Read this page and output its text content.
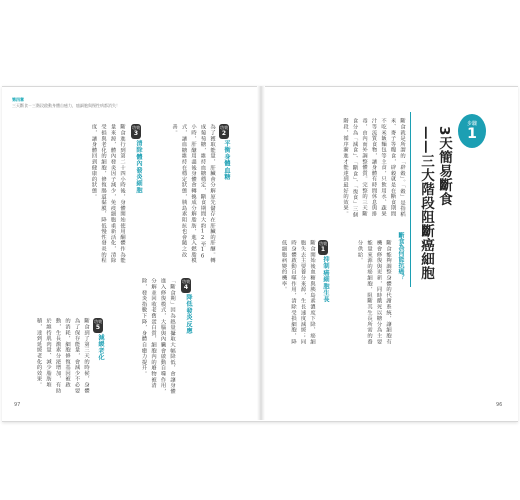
第四章
三天斷食－三階段啟動身體自癒力，癌細胞與慢性病都消失！
功效
2
平衡身體血糖
為了獲取能量，肝臟會分解原先儲存在肝臟的肝醣。轉成葡萄糖，維持血糖穩定，斷食期間大約12至16小時，肝醣用盡後身體會轉換成分解脂肪，進入燃脂模式，讓血糖維持在穩定狀態，胰島素阻抗也會隨之改善。
功效
3
清除體內發炎細胞
斷食進行到第二十四小時後，身體開始使用酮體作為能量來源，體內發炎因子減少，免疫細胞重新活化，清除受損與老化的細胞，修復腸道黏膜，降低慢性發炎的程度，讓身體回到健康的狀態。
功效
4
降低發炎反應
「斷食期」因為熱量攝取大幅降低，會讓身體進入修復模式，大腦與內臟會啟動自噬作用，分解並回收老舊蛋白質，細胞內的廢物被清除，發炎指數下降，身體自癒力提升。
功效
5
減緩老化
斷食到了第三天的時候，身體為了保存能量，會減少不必要的消耗，細胞修復基因被啟動，生長激素分泌增加，有助於維持肌肉量、減少脂肪堆積，達到延緩老化的效果。
97
步驟
1
3天簡易斷食
——三大階段阻斷癌細胞
斷食就是所謂的「辟穀」。「穀」是指稻米、麥子等糧食，辟穀就是在斷食期間不吃米飯麵包等主食，只飲用水、蔬果汁等流質食物，讓身體有時間休息與排毒，由內而外調整體質。完整的三天斷食分為「減食」、「斷食」、「復食」三個階段，循序漸進才能達到最好的效果。
斷食為何能抗癌？
斷食能夠調整身體的代謝系統，讓細胞有機會修復與更新，同時餓死以糖分為主要能量來源的癌細胞，阻斷其生長所需的養分供給。
功效
1
抑制癌細胞生長
斷食開始後血糖與胰島素濃度下降，癌細胞失去主要養分來源，生長速度減緩；同時身體啟動自噬作用，清除受損細胞，降低細胞病變的機率。
96
